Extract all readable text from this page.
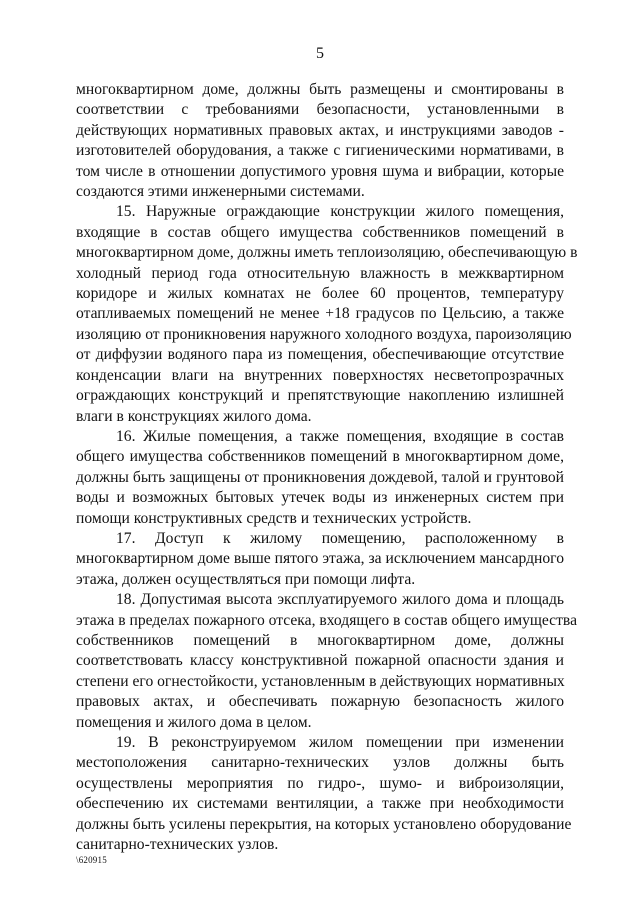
5
многоквартирном доме, должны быть размещены и смонтированы в
соответствии с требованиями безопасности, установленными в
действующих нормативных правовых актах, и инструкциями заводов -
изготовителей оборудования, а также с гигиеническими нормативами, в
том числе в отношении допустимого уровня шума и вибрации, которые
создаются этими инженерными системами.
15. Наружные ограждающие конструкции жилого помещения,
входящие в состав общего имущества собственников помещений в
многоквартирном доме, должны иметь теплоизоляцию, обеспечивающую в
холодный период года относительную влажность в межквартирном
коридоре и жилых комнатах не более 60 процентов, температуру
отапливаемых помещений не менее +18 градусов по Цельсию, а также
изоляцию от проникновения наружного холодного воздуха, пароизоляцию
от диффузии водяного пара из помещения, обеспечивающие отсутствие
конденсации влаги на внутренних поверхностях несветопрозрачных
ограждающих конструкций и препятствующие накоплению излишней
влаги в конструкциях жилого дома.
16. Жилые помещения, а также помещения, входящие в состав
общего имущества собственников помещений в многоквартирном доме,
должны быть защищены от проникновения дождевой, талой и грунтовой
воды и возможных бытовых утечек воды из инженерных систем при
помощи конструктивных средств и технических устройств.
17. Доступ к жилому помещению, расположенному в
многоквартирном доме выше пятого этажа, за исключением мансардного
этажа, должен осуществляться при помощи лифта.
18. Допустимая высота эксплуатируемого жилого дома и площадь
этажа в пределах пожарного отсека, входящего в состав общего имущества
собственников помещений в многоквартирном доме, должны
соответствовать классу конструктивной пожарной опасности здания и
степени его огнестойкости, установленным в действующих нормативных
правовых актах, и обеспечивать пожарную безопасность жилого
помещения и жилого дома в целом.
19. В реконструируемом жилом помещении при изменении
местоположения санитарно-технических узлов должны быть
осуществлены мероприятия по гидро-, шумо- и виброизоляции,
обеспечению их системами вентиляции, а также при необходимости
должны быть усилены перекрытия, на которых установлено оборудование
санитарно-технических узлов.
\620915
